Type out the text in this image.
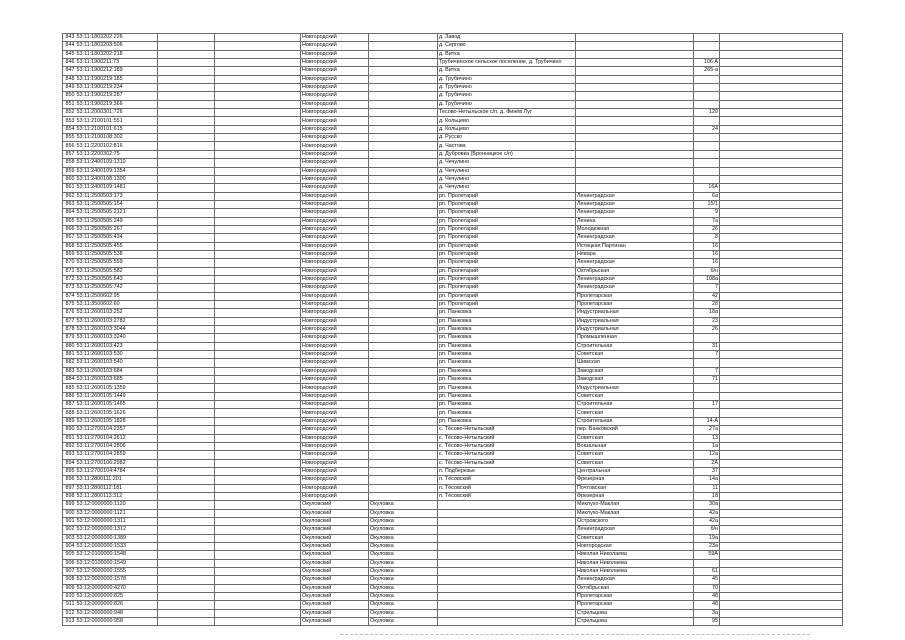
843	53:11:1803202:226			Новгородский		д. Завод			
844	53:11:1803203:506			Новгородский		д. Сергово			
845	53:11:1803202:218			Новгородский		д. Витка			
846	53:11:1900211:73			Новгородский		Трубичинское сельское поселение, д. Трубичино		106 А	
847	53:11:1900212:189			Новгородский		д. Витка		265-а	
848	53:11:1900219:185			Новгородский		д. Трубичино			
849	53:11:1900219:234			Новгородский		д. Трубичино			
850	53:11:1900219:287			Новгородский		д. Трубичино			
851	53:11:1900219:366			Новгородский		д. Трубичино			
852	53:11:2000301:726			Новгородский		Тесово-Нетыльское с/п, д. Финёв Луг		120	
853	53:11:2100101:551			Новгородский		д. Кольцево			
854	53:11:2100101:615			Новгородский		д. Кольцево		24	
855	53:11:2100108:302			Новгородский		д. Русско			
856	53:11:2200102:816			Новгородский		д. Частова			
857	53:11:2200302:75			Новгородский		д. Дубровка (Бронницкое с/п)			
858	53:11:2400109:1310			Новгородский		д. Чечулино			
859	53:11:2400109:1354			Новгородский		д. Чечулино			
860	53:11:2400108:1300			Новгородский		д. Чечулино			
861	53:11:2400109:1481			Новгородский		д. Чечулино		16А	
862	53:11:2500503:173			Новгородский		рп. Пролетарий	Ленинградская	6а	
863	53:11:2500505:154			Новгородский		рп. Пролетарий	Ленинградская	15/1	
864	53:11:2500505:2121			Новгородский		рп. Пролетарий	Ленинградская	9	
865	53:11:2500505:249			Новгородский		рп. Пролетарий	Ленина	7а	
866	53:11:2500505:267			Новгородский		рп. Пролетарий	Молодежная	26	
867	53:11:2500505:434			Новгородский		рп. Пролетарий	Ленинградская	8	
868	53:11:2500505:455			Новгородский		рп. Пролетарий	Истицкая Партизан	16	
869	53:11:2500505:538			Новгородский		рп. Пролетарий	Невара	16	
870	53:11:2500505:559			Новгородский		рп. Пролетарий	Ленинградская	16	
871	53:11:2500505:582			Новгородский		рп. Пролетарий	Октябрьская	б/н	
872	53:11:2500505:643			Новгородский		рп. Пролетарий	Ленинградская	108а	
873	53:11:2500505:742			Новгородский		рп. Пролетарий	Ленинградская	7	
874	53:11:2500602:95			Новгородский		рп. Пролетарий	Пролетарская	42	
875	53:11:3500602:60			Новгородский		рп. Пролетарий	Пролетарская	28	
876	53:11:2600103:252			Новгородский		рп. Панковка	Индустриальная	18а	
877	53:11:2600103:2782			Новгородский		рп. Панковка	Индустриальная	23	
878	53:11:2600103:3044			Новгородский		рп. Панковка	Индустриальная	26	
879	53:11:2600103:3240			Новгородский		рп. Панковка	Промышленная		
880	53:11:2600103:423			Новгородский		рп. Панковка	Строительная	31	
881	53:11:2600103:530			Новгородский		рп. Панковка	Советская	7	
882	53:11:2600103:540			Новгородский		рп. Панковка	Шимская		
883	53:11:2600103:684			Новгородский		рп. Панковка	Заводская	7	
884	53:11:2600103:685			Новгородский		рп. Панковка	Заводская	71	
885	53:11:2600105:1359			Новгородский		рп. Панковка	Индустриальная		
886	53:11:2600105:1449			Новгородский		рп. Панковка	Советская		
887	53:11:2600105:1465			Новгородский		рп. Панковка	Строительная	17	
888	53:11:2600105:1626			Новгородский		рп. Панковка	Советская		
889	53:11:2600105:1828			Новгородский		рп. Панковка	Строительная	14-А	
890	53:11:2700104:2357			Новгородский		с. Тёсово-Нетыльский	пер. Банковский	27а	
891	53:11:2700104:2612			Новгородский		с. Тёсово-Нетыльский	Советская	13	
892	53:11:2700104:2806			Новгородский		с. Тёсово-Нетыльский	Вокзальная	1а	
893	53:11:2700104:2859			Новгородский		с. Тёсово-Нетыльский	Советская	12а	
894	53:11:2700106:2982			Новгородский		с. Тёсово-Нетыльский	Советская	2А	
895	53:11:2700104:4784			Новгородский		п. Подберезье	Центральная	37	
896	53:11:2800111:201			Новгородский		п. Тёсовский	Фрезерная	14а	
897	53:11:2800112:181			Новгородский		п. Тёсовский	Почтовская	11	
898	53:11:2800113:312			Новгородский		п. Тёсовский	Фрезерная	18	
899	53:12:0000000:1120			Окуловский	Окуловка		Миклухо-Маклая	30а	
900	53:12:0000000:1121			Окуловский	Окуловка		Миклухо-Маклая	42а	
901	53:12:0000000:1311			Окуловский	Окуловка		Островского	42а	
902	53:12:0000000:1312			Окуловский	Окуловка		Ленинградская	б/н	
903	53:12:0000000:1389			Окуловский	Окуловка		Советская	19а	
904	53:12:0000000:1533			Окуловский	Окуловка		Новгородская	23а	
905	53:12:0100000:1548			Окуловский	Окуловка		Николая Николаева	59А	
906	53:12:0100000:1549			Окуловский	Окуловка		Николая Николаева		
907	53:12:0000000:1555			Окуловский	Окуловка		Николая Николаева	61	
908	53:12:0000000:1578			Окуловский	Окуловка		Ленинградская	45	
909	53:12:0000000:4270			Окуловский	Окуловка		Октябрьская	70	
910	53:12:0000000:825			Окуловский	Окуловка		Пролетарская	48	
911	53:12:0000000:826			Окуловский	Окуловка		Пролетарская	48	
912	53:12:0000000:948			Окуловский	Окуловка		Стрельцова	3а	
913	53:12:0000000:958			Окуловский	Окуловка		Стрельцова	95	
